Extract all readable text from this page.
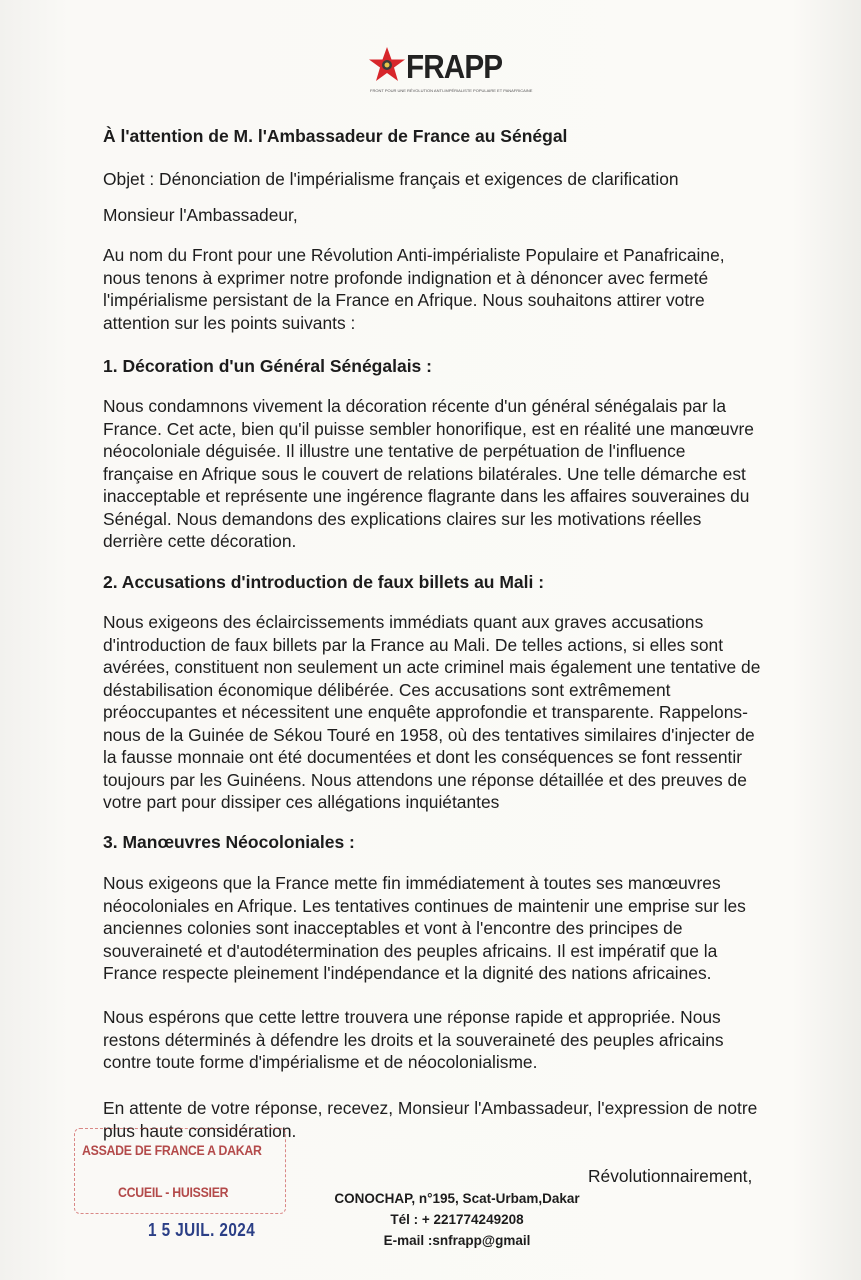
FRAPP
FRONT POUR UNE RÉVOLUTION ANTI-IMPÉRIALISTE POPULAIRE ET PANAFRICAINE
À l'attention de M. l'Ambassadeur de France au Sénégal
Objet : Dénonciation de l'impérialisme français et exigences de clarification
Monsieur l'Ambassadeur,
Au nom du Front pour une Révolution Anti-impérialiste Populaire et Panafricaine,
nous tenons à exprimer notre profonde indignation et à dénoncer avec fermeté
l'impérialisme persistant de la France en Afrique. Nous souhaitons attirer votre
attention sur les points suivants :
1. Décoration d'un Général Sénégalais :
Nous condamnons vivement la décoration récente d'un général sénégalais par la
France. Cet acte, bien qu'il puisse sembler honorifique, est en réalité une manœuvre
néocoloniale déguisée. Il illustre une tentative de perpétuation de l'influence
française en Afrique sous le couvert de relations bilatérales. Une telle démarche est
inacceptable et représente une ingérence flagrante dans les affaires souveraines du
Sénégal. Nous demandons des explications claires sur les motivations réelles
derrière cette décoration.
2. Accusations d'introduction de faux billets au Mali :
Nous exigeons des éclaircissements immédiats quant aux graves accusations
d'introduction de faux billets par la France au Mali. De telles actions, si elles sont
avérées, constituent non seulement un acte criminel mais également une tentative de
déstabilisation économique délibérée. Ces accusations sont extrêmement
préoccupantes et nécessitent une enquête approfondie et transparente. Rappelons-
nous de la Guinée de Sékou Touré en 1958, où des tentatives similaires d'injecter de
la fausse monnaie ont été documentées et dont les conséquences se font ressentir
toujours par les Guinéens. Nous attendons une réponse détaillée et des preuves de
votre part pour dissiper ces allégations inquiétantes
3. Manœuvres Néocoloniales :
Nous exigeons que la France mette fin immédiatement à toutes ses manœuvres
néocoloniales en Afrique. Les tentatives continues de maintenir une emprise sur les
anciennes colonies sont inacceptables et vont à l'encontre des principes de
souveraineté et d'autodétermination des peuples africains. Il est impératif que la
France respecte pleinement l'indépendance et la dignité des nations africaines.
Nous espérons que cette lettre trouvera une réponse rapide et appropriée. Nous
restons déterminés à défendre les droits et la souveraineté des peuples africains
contre toute forme d'impérialisme et de néocolonialisme.
En attente de votre réponse, recevez, Monsieur l'Ambassadeur, l'expression de notre
plus haute considération.
Révolutionnairement,
CONOCHAP, n°195, Scat-Urbam,Dakar
Tél : + 221774249208
E-mail :snfrapp@gmail
ASSADE DE FRANCE A DAKAR
CCUEIL - HUISSIER
1 5 JUIL. 2024
